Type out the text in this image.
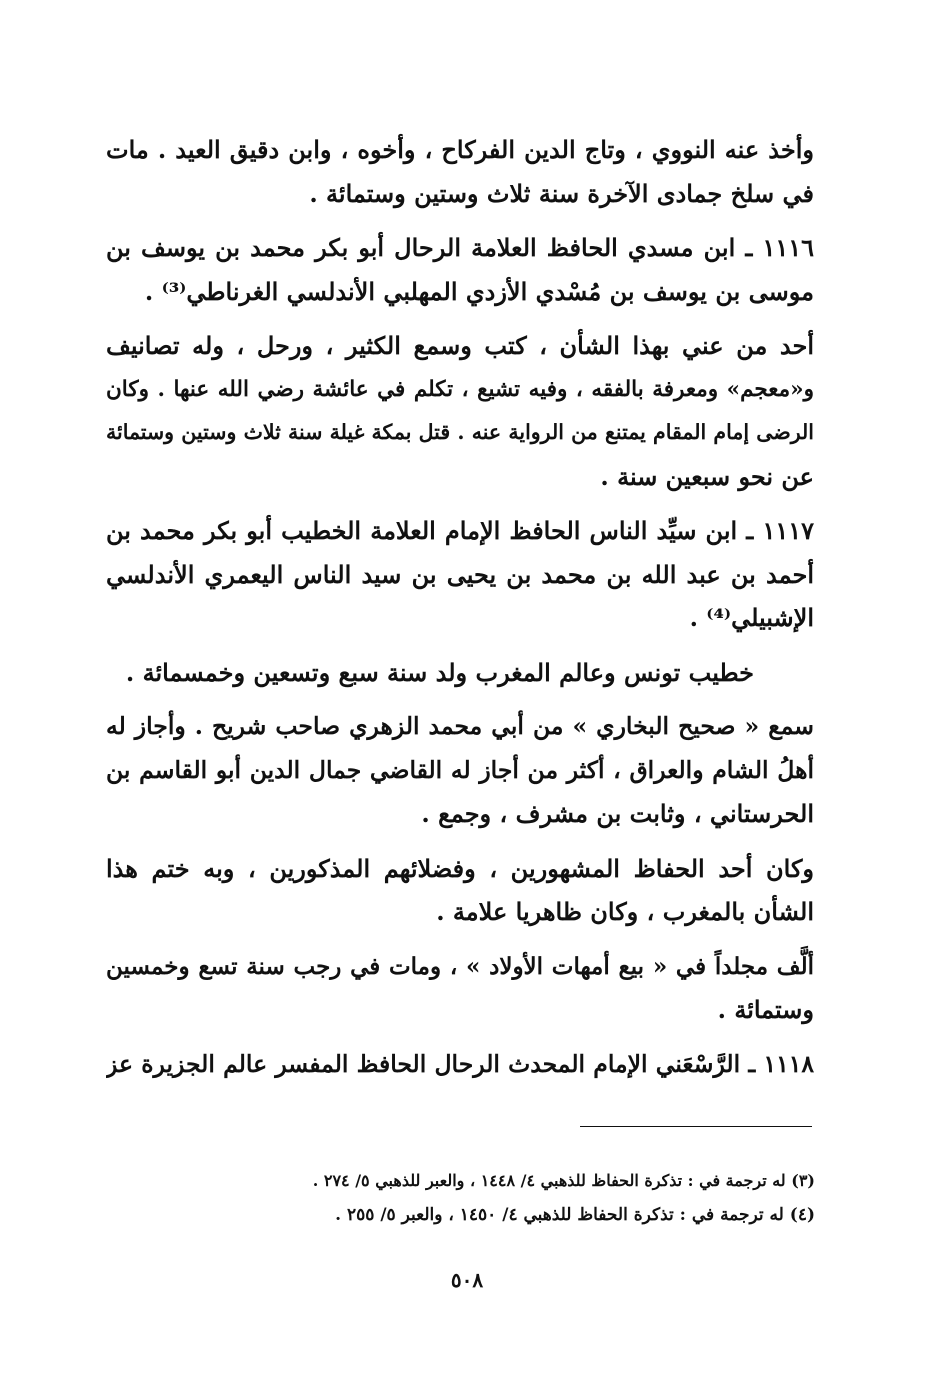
وأخذ عنه النووي ، وتاج الدين الفركاح ، وأخوه ، وابن دقيق العيد . مات
في سلخ جمادى الآخرة سنة ثلاث وستين وستمائة .
١١١٦ ـ ابن مسدي الحافظ العلامة الرحال أبو بكر محمد بن يوسف بن
موسى بن يوسف بن مُسْدي الأزدي المهلبي الأندلسي الغرناطي⁽³⁾ .
أحد من عني بهذا الشأن ، كتب وسمع الكثير ، ورحل ، وله تصانيف
و«معجم» ومعرفة بالفقه ، وفيه تشيع ، تكلم في عائشة رضي الله عنها . وكان
الرضى إمام المقام يمتنع من الرواية عنه . قتل بمكة غيلة سنة ثلاث وستين وستمائة
عن نحو سبعين سنة .
١١١٧ ـ ابن سيِّد الناس الحافظ الإمام العلامة الخطيب أبو بكر محمد بن
أحمد بن عبد الله بن محمد بن يحيى بن سيد الناس اليعمري الأندلسي
الإشبيلي⁽⁴⁾ .
خطيب تونس وعالم المغرب ولد سنة سبع وتسعين وخمسمائة .
سمع « صحيح البخاري » من أبي محمد الزهري صاحب شريح . وأجاز له
أهلُ الشام والعراق ، أكثر من أجاز له القاضي جمال الدين أبو القاسم بن
الحرستاني ، وثابت بن مشرف ، وجمع .
وكان أحد الحفاظ المشهورين ، وفضلائهم المذكورين ، وبه ختم هذا
الشأن بالمغرب ، وكان ظاهريا علامة .
ألَّف مجلداً في « بيع أمهات الأولاد » ، ومات في رجب سنة تسع وخمسين
وستمائة .
١١١٨ ـ الرَّسْعَني الإمام المحدث الرحال الحافظ المفسر عالم الجزيرة عز
(٣) له ترجمة في : تذكرة الحفاظ للذهبي ٤/ ١٤٤٨ ، والعبر للذهبي ٥/ ٢٧٤ .
(٤) له ترجمة في : تذكرة الحفاظ للذهبي ٤/ ١٤٥٠ ، والعبر ٥/ ٢٥٥ .
٥٠٨
